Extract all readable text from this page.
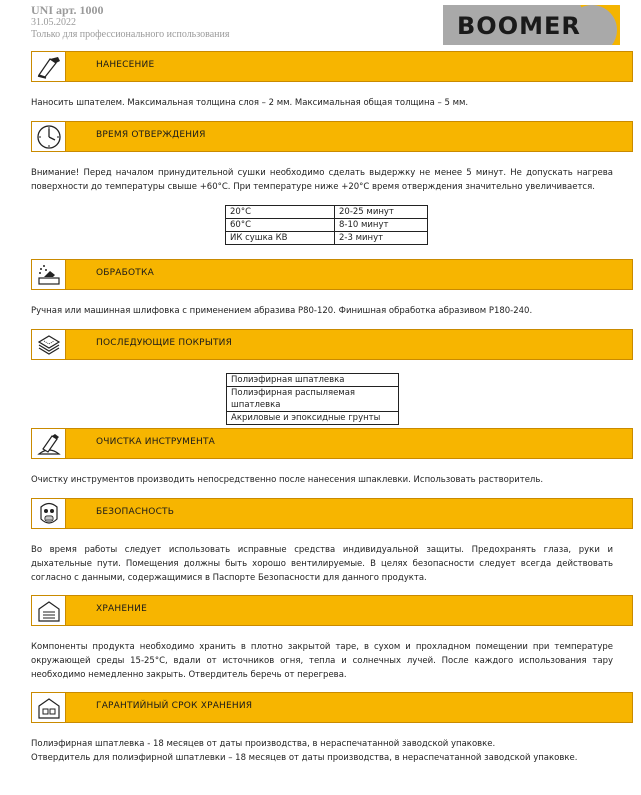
UNI арт. 1000
31.05.2022
Только для профессионального использования	BOOMER
НАНЕСЕНИЕ
Наносить шпателем. Максимальная толщина слоя – 2 мм. Максимальная общая толщина – 5 мм.
ВРЕМЯ ОТВЕРЖДЕНИЯ
Внимание! Перед началом принудительной сушки необходимо сделать выдержку не менее 5 минут. Не допускать нагрева поверхности до температуры свыше +60°С. При температуре ниже +20°С время отверждения значительно увеличивается.
20°С	20-25 минут
60°С	8-10 минут
ИК сушка КВ	2-3 минут
ОБРАБОТКА
Ручная или машинная шлифовка с применением абразива Р80-120. Финишная обработка абразивом Р180-240.
ПОСЛЕДУЮЩИЕ ПОКРЫТИЯ
Полиэфирная шпатлевка
Полиэфирная распыляемая шпатлевка
Акриловые и эпоксидные грунты
ОЧИСТКА ИНСТРУМЕНТА
Очистку инструментов производить непосредственно после нанесения шпаклевки. Использовать растворитель.
БЕЗОПАСНОСТЬ
Во время работы следует использовать исправные средства индивидуальной защиты. Предохранять глаза, руки и дыхательные пути. Помещения должны быть хорошо вентилируемые. В целях безопасности следует всегда действовать согласно с данными, содержащимися в Паспорте Безопасности для данного продукта.
ХРАНЕНИЕ
Компоненты продукта необходимо хранить в плотно закрытой таре, в сухом и прохладном помещении при температуре окружающей среды 15-25°С, вдали от источников огня, тепла и солнечных лучей. После каждого использования тару необходимо немедленно закрыть. Отвердитель беречь от перегрева.
ГАРАНТИЙНЫЙ СРОК ХРАНЕНИЯ
Полиэфирная шпатлевка - 18 месяцев от даты производства, в нераспечатанной заводской упаковке.
Отвердитель для полиэфирной шпатлевки – 18 месяцев от даты производства, в нераспечатанной заводской упаковке.
